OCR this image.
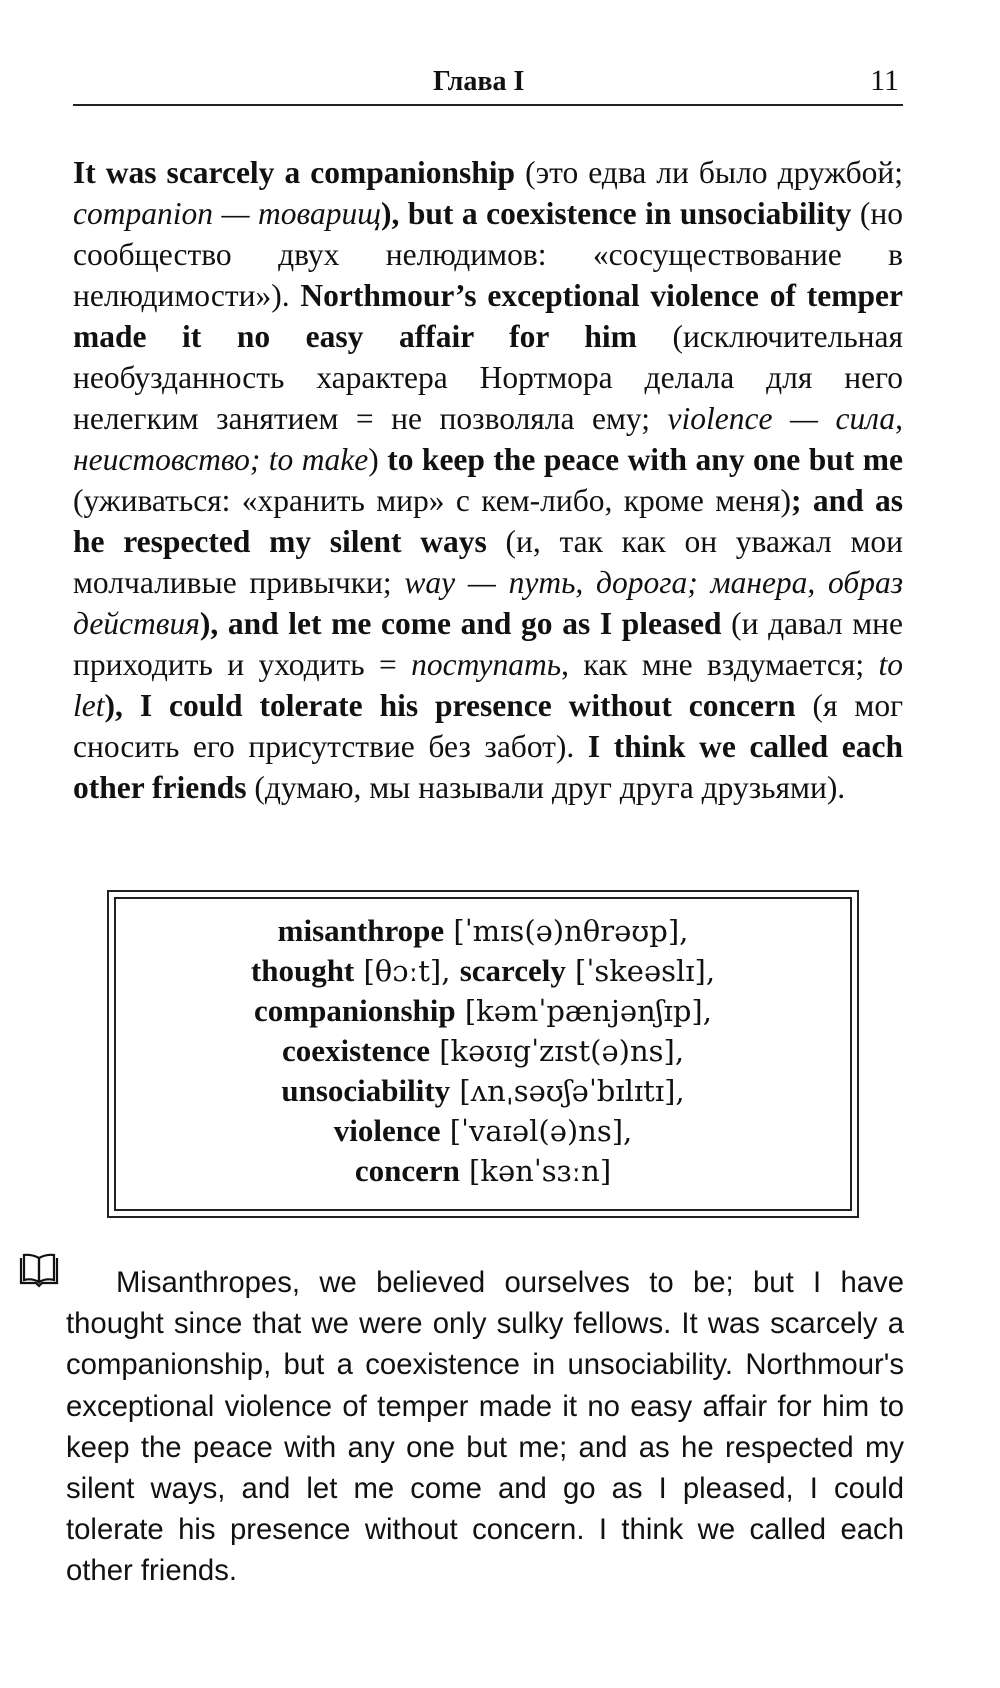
Глава I	11
It was scarcely a companionship (это едва ли было дружбой; companion — товарищ), but a coexistence in unsociability (но сообщество двух нелюдимов: «сосуществование в нелюдимости»). Northmour’s exceptional violence of temper made it no easy affair for him (исключительная необузданность характера Нортмора делала для него нелегким занятием = не позволяла ему; violence — сила, неистовство; to make) to keep the peace with any one but me (уживаться: «хранить мир» с кем-либо, кроме меня); and as he respected my silent ways (и, так как он уважал мои молчаливые привычки; way — путь, дорога; манера, образ действия), and let me come and go as I pleased (и давал мне приходить и уходить = поступать, как мне вздумается; to let), I could tolerate his presence without concern (я мог сносить его присутствие без забот). I think we called each other friends (думаю, мы называли друг друга друзьями).
misanthrope [ˈmɪs(ə)nθrəʊp],
thought [θɔːt], scarcely [ˈskeəslɪ],
companionship [kəmˈpænjənʃɪp],
coexistence [kəʊɪgˈzɪst(ə)ns],
unsociability [ʌnˌsəʊʃəˈbɪlɪtɪ],
violence [ˈvaɪəl(ə)ns],
concern [kənˈsɜːn]
Misanthropes, we believed ourselves to be; but I have thought since that we were only sulky fellows. It was scarcely a companionship, but a coexistence in unsociability. Northmour's exceptional violence of temper made it no easy affair for him to keep the peace with any one but me; and as he respected my silent ways, and let me come and go as I pleased, I could tolerate his presence without concern. I think we called each other friends.
